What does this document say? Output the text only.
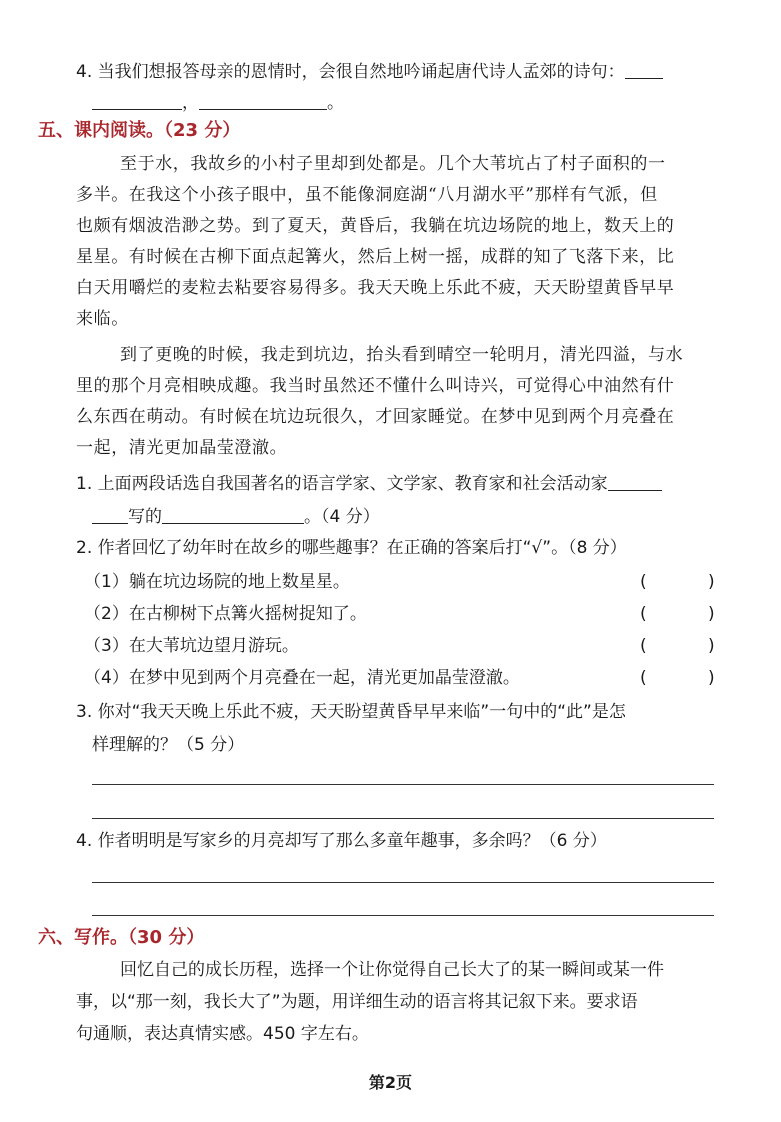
4. 当我们想报答母亲的恩情时，会很自然地吟诵起唐代诗人孟郊的诗句：
，	。
五、课内阅读。（23 分）
至于水，我故乡的小村子里却到处都是。几个大苇坑占了村子面积的一
多半。在我这个小孩子眼中，虽不能像洞庭湖“八月湖水平”那样有气派，但
也颇有烟波浩渺之势。到了夏天，黄昏后，我躺在坑边场院的地上，数天上的
星星。有时候在古柳下面点起篝火，然后上树一摇，成群的知了飞落下来，比
白天用嚼烂的麦粒去粘要容易得多。我天天晚上乐此不疲，天天盼望黄昏早早
来临。
到了更晚的时候，我走到坑边，抬头看到晴空一轮明月，清光四溢，与水
里的那个月亮相映成趣。我当时虽然还不懂什么叫诗兴，可觉得心中油然有什
么东西在萌动。有时候在坑边玩很久，才回家睡觉。在梦中见到两个月亮叠在
一起，清光更加晶莹澄澈。
1. 上面两段话选自我国著名的语言学家、文学家、教育家和社会活动家
写的	。（4 分）
2. 作者回忆了幼年时在故乡的哪些趣事？在正确的答案后打“√”。（8 分）
（1）躺在坑边场院的地上数星星。	(	)
（2）在古柳树下点篝火摇树捉知了。	(	)
（3）在大苇坑边望月游玩。	(	)
（4）在梦中见到两个月亮叠在一起，清光更加晶莹澄澈。	(	)
3. 你对“我天天晚上乐此不疲，天天盼望黄昏早早来临”一句中的“此”是怎
样理解的？（5 分）
4. 作者明明是写家乡的月亮却写了那么多童年趣事，多余吗？（6 分）
六、写作。（30 分）
回忆自己的成长历程，选择一个让你觉得自己长大了的某一瞬间或某一件
事，以“那一刻，我长大了”为题，用详细生动的语言将其记叙下来。要求语
句通顺，表达真情实感。450 字左右。
第2页
